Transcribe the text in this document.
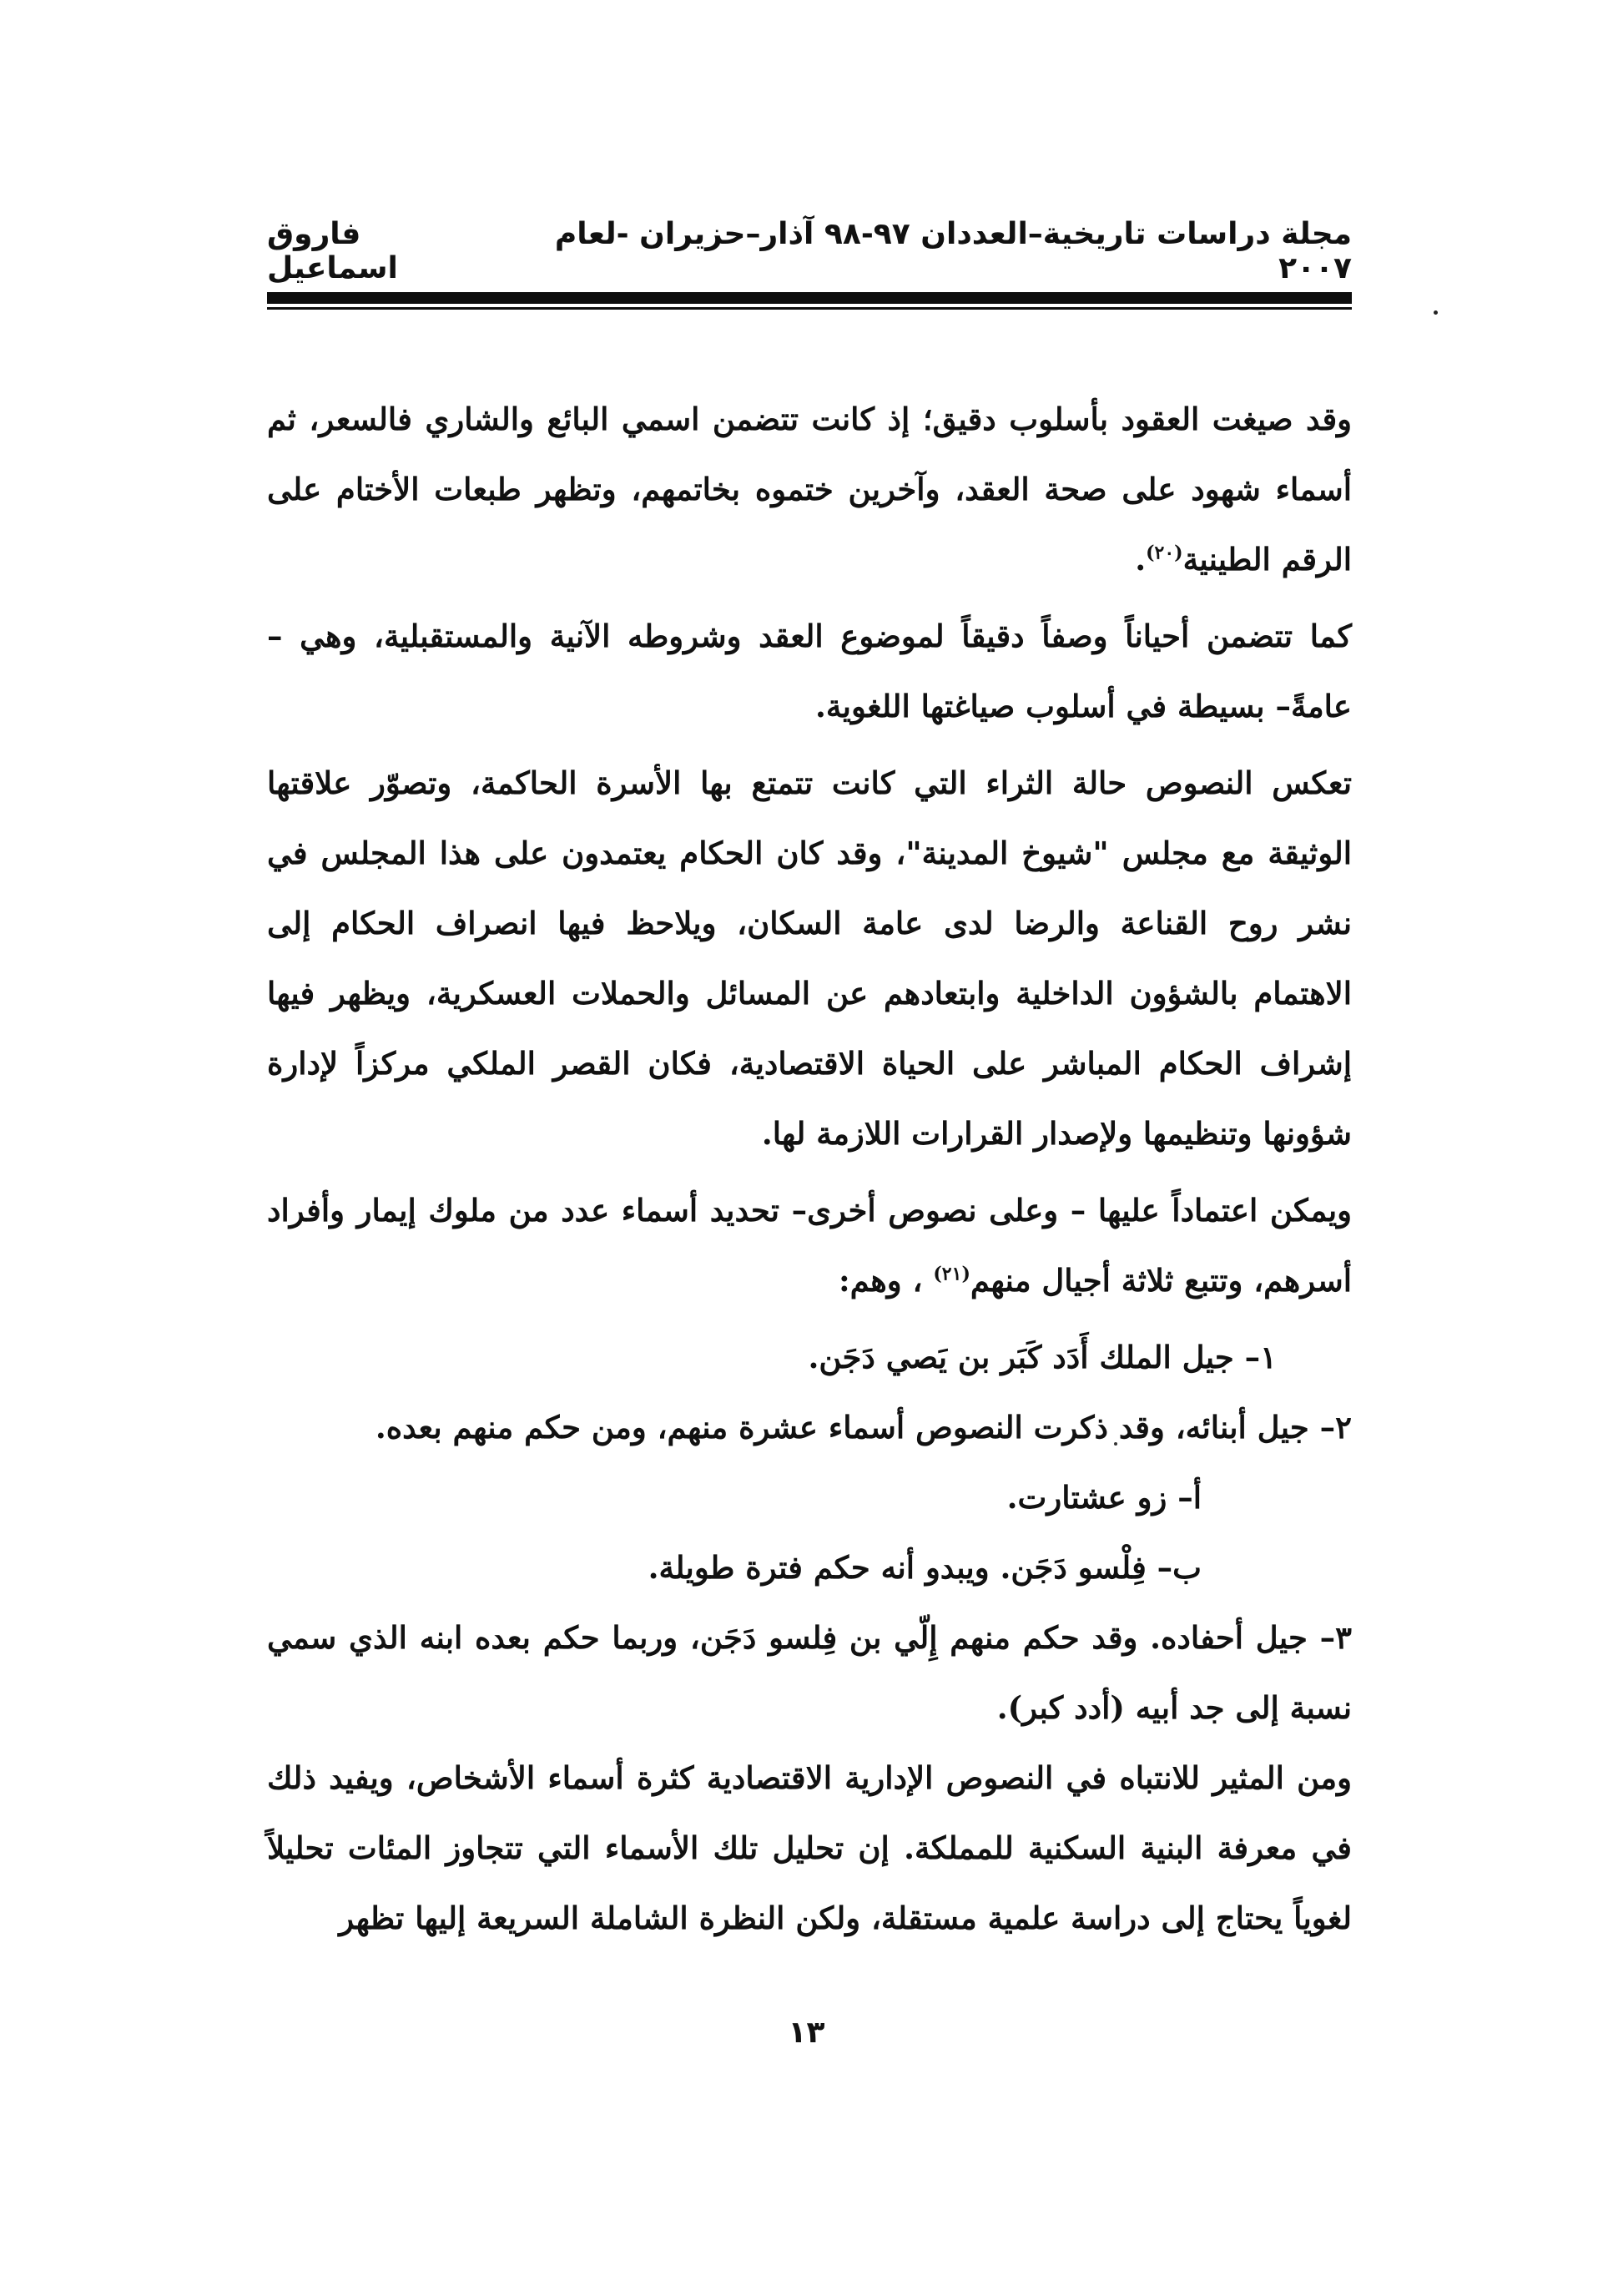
مجلة دراسات تاريخية–العددان ٩٧-٩٨ آذار–حزيران -لعام ٢٠٠٧
فاروق اسماعيل

وقد صيغت العقود بأسلوب دقيق؛ إذ كانت تتضمن اسمي البائع والشاري فالسعر، ثم أسماء شهود على صحة العقد، وآخرين ختموه بخاتمهم، وتظهر طبعات الأختام على الرقم الطينية$^{(٢٠)}$.

كما تتضمن أحياناً وصفاً دقيقاً لموضوع العقد وشروطه الآنية والمستقبلية، وهي –عامةً– بسيطة في أسلوب صياغتها اللغوية.

تعكس النصوص حالة الثراء التي كانت تتمتع بها الأسرة الحاكمة، وتصوّر علاقتها الوثيقة مع مجلس "شيوخ المدينة"، وقد كان الحكام يعتمدون على هذا المجلس في نشر روح القناعة والرضا لدى عامة السكان، ويلاحظ فيها انصراف الحكام إلى الاهتمام بالشؤون الداخلية وابتعادهم عن المسائل والحملات العسكرية، ويظهر فيها إشراف الحكام المباشر على الحياة الاقتصادية، فكان القصر الملكي مركزاً لإدارة شؤونها وتنظيمها ولإصدار القرارات اللازمة لها.

ويمكن اعتماداً عليها – وعلى نصوص أخرى– تحديد أسماء عدد من ملوك إيمار وأفراد أسرهم، وتتبع ثلاثة أجيال منهم$^{(٢١)}$ ، وهم:

١– جيل الملك أَدَد كَبَر بن يَصي دَجَن.

٢– جيل أبنائه، وقد ذكرت النصوص أسماء عشرة منهم، ومن حكم منهم بعده.

أ– زو عشتارت.

ب– فِلْسو دَجَن. ويبدو أنه حكم فترة طويلة.

٣– جيل أحفاده. وقد حكم منهم إِلّي بن فِلسو دَجَن، وربما حكم بعده ابنه الذي سمي نسبة إلى جد أبيه (أدد كبر).

ومن المثير للانتباه في النصوص الإدارية الاقتصادية كثرة أسماء الأشخاص، ويفيد ذلك في معرفة البنية السكنية للمملكة. إن تحليل تلك الأسماء التي تتجاوز المئات تحليلاً لغوياً يحتاج إلى دراسة علمية مستقلة، ولكن النظرة الشاملة السريعة إليها تظهر

١٣
